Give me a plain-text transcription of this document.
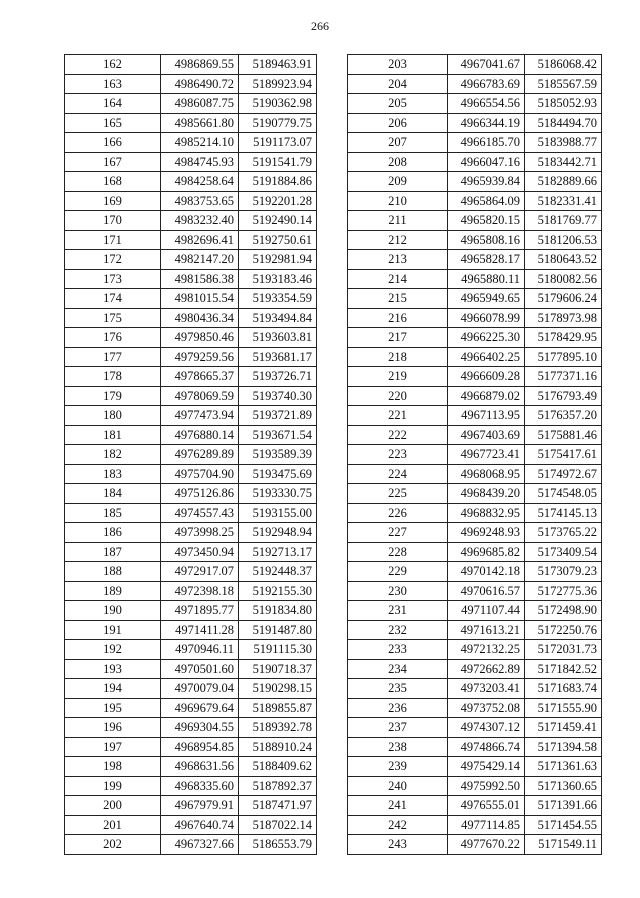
266
162	4986869.55	5189463.91
163	4986490.72	5189923.94
164	4986087.75	5190362.98
165	4985661.80	5190779.75
166	4985214.10	5191173.07
167	4984745.93	5191541.79
168	4984258.64	5191884.86
169	4983753.65	5192201.28
170	4983232.40	5192490.14
171	4982696.41	5192750.61
172	4982147.20	5192981.94
173	4981586.38	5193183.46
174	4981015.54	5193354.59
175	4980436.34	5193494.84
176	4979850.46	5193603.81
177	4979259.56	5193681.17
178	4978665.37	5193726.71
179	4978069.59	5193740.30
180	4977473.94	5193721.89
181	4976880.14	5193671.54
182	4976289.89	5193589.39
183	4975704.90	5193475.69
184	4975126.86	5193330.75
185	4974557.43	5193155.00
186	4973998.25	5192948.94
187	4973450.94	5192713.17
188	4972917.07	5192448.37
189	4972398.18	5192155.30
190	4971895.77	5191834.80
191	4971411.28	5191487.80
192	4970946.11	5191115.30
193	4970501.60	5190718.37
194	4970079.04	5190298.15
195	4969679.64	5189855.87
196	4969304.55	5189392.78
197	4968954.85	5188910.24
198	4968631.56	5188409.62
199	4968335.60	5187892.37
200	4967979.91	5187471.97
201	4967640.74	5187022.14
202	4967327.66	5186553.79
203	4967041.67	5186068.42
204	4966783.69	5185567.59
205	4966554.56	5185052.93
206	4966344.19	5184494.70
207	4966185.70	5183988.77
208	4966047.16	5183442.71
209	4965939.84	5182889.66
210	4965864.09	5182331.41
211	4965820.15	5181769.77
212	4965808.16	5181206.53
213	4965828.17	5180643.52
214	4965880.11	5180082.56
215	4965949.65	5179606.24
216	4966078.99	5178973.98
217	4966225.30	5178429.95
218	4966402.25	5177895.10
219	4966609.28	5177371.16
220	4966879.02	5176793.49
221	4967113.95	5176357.20
222	4967403.69	5175881.46
223	4967723.41	5175417.61
224	4968068.95	5174972.67
225	4968439.20	5174548.05
226	4968832.95	5174145.13
227	4969248.93	5173765.22
228	4969685.82	5173409.54
229	4970142.18	5173079.23
230	4970616.57	5172775.36
231	4971107.44	5172498.90
232	4971613.21	5172250.76
233	4972132.25	5172031.73
234	4972662.89	5171842.52
235	4973203.41	5171683.74
236	4973752.08	5171555.90
237	4974307.12	5171459.41
238	4974866.74	5171394.58
239	4975429.14	5171361.63
240	4975992.50	5171360.65
241	4976555.01	5171391.66
242	4977114.85	5171454.55
243	4977670.22	5171549.11
